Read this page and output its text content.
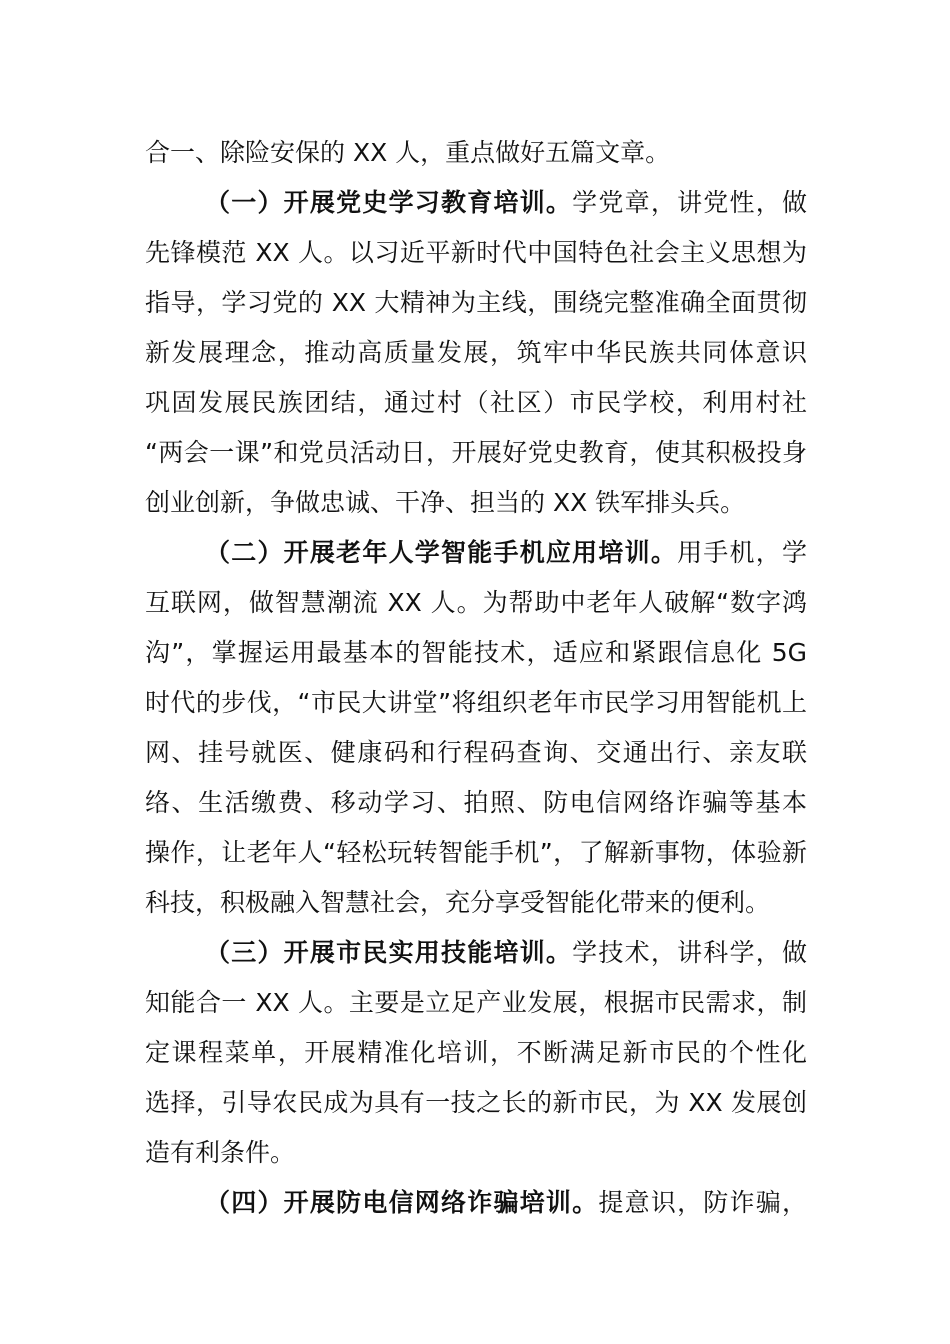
合一、除险安保的 XX 人，重点做好五篇文章。
（一）开展党史学习教育培训。学党章，讲党性，做
先锋模范 XX 人。以习近平新时代中国特色社会主义思想为
指导，学习党的 XX 大精神为主线，围绕完整准确全面贯彻
新发展理念，推动高质量发展，筑牢中华民族共同体意识
巩固发展民族团结，通过村（社区）市民学校，利用村社
“两会一课”和党员活动日，开展好党史教育，使其积极投身
创业创新，争做忠诚、干净、担当的 XX 铁军排头兵。
（二）开展老年人学智能手机应用培训。用手机，学
互联网，做智慧潮流 XX 人。为帮助中老年人破解“数字鸿
沟”，掌握运用最基本的智能技术，适应和紧跟信息化 5G
时代的步伐，“市民大讲堂”将组织老年市民学习用智能机上
网、挂号就医、健康码和行程码查询、交通出行、亲友联
络、生活缴费、移动学习、拍照、防电信网络诈骗等基本
操作，让老年人“轻松玩转智能手机”，了解新事物，体验新
科技，积极融入智慧社会，充分享受智能化带来的便利。
（三）开展市民实用技能培训。学技术，讲科学，做
知能合一 XX 人。主要是立足产业发展，根据市民需求，制
定课程菜单，开展精准化培训，不断满足新市民的个性化
选择，引导农民成为具有一技之长的新市民，为 XX 发展创
造有利条件。
（四）开展防电信网络诈骗培训。提意识，防诈骗，
